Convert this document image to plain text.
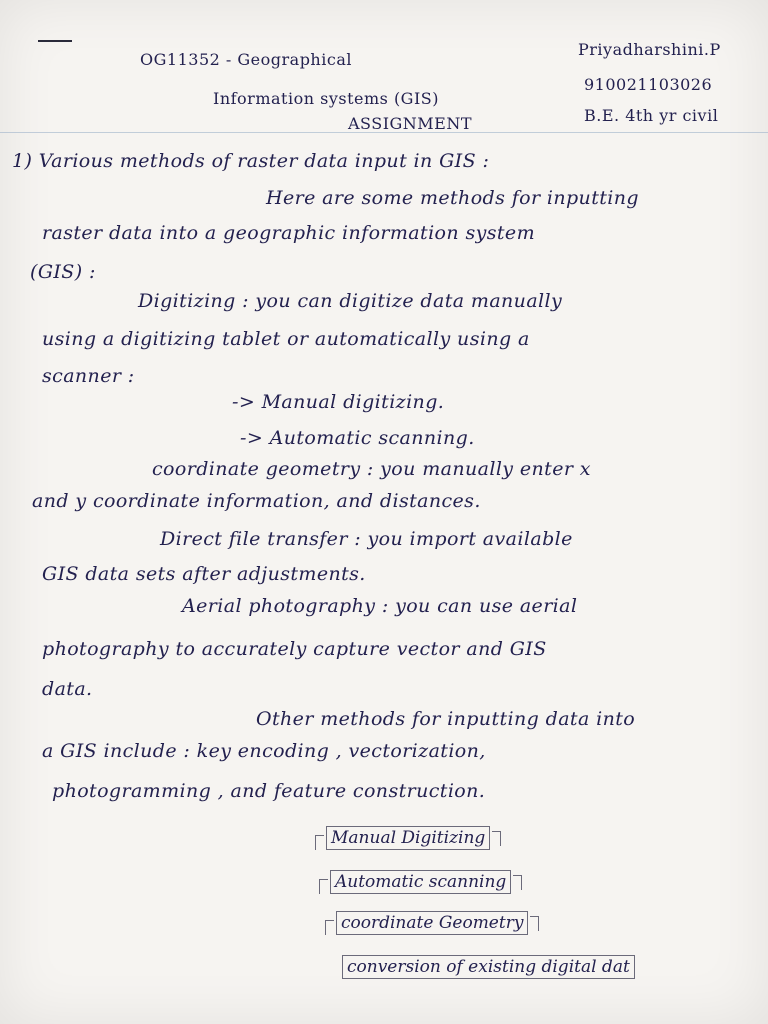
OG11352 - Geographical
Information systems (GIS)
ASSIGNMENT
Priyadharshini.P
910021103026
B.E. 4th yr civil
1) Various methods of raster data input in GIS :
Here are some methods for inputting
raster data into a geographic information system
(GIS) :
Digitizing : you can digitize data manually
using a digitizing tablet or automatically using a
scanner :
-> Manual digitizing.
-> Automatic scanning.
coordinate geometry : you manually enter x
and y coordinate information, and distances.
Direct file transfer : you import available
GIS data sets after adjustments.
Aerial photography : you can use aerial
photography to accurately capture vector and GIS
data.
Other methods for inputting data into
a GIS include : key encoding , vectorization,
photogramming , and feature construction.
Manual Digitizing
Automatic scanning
coordinate Geometry
conversion of existing digital dat
